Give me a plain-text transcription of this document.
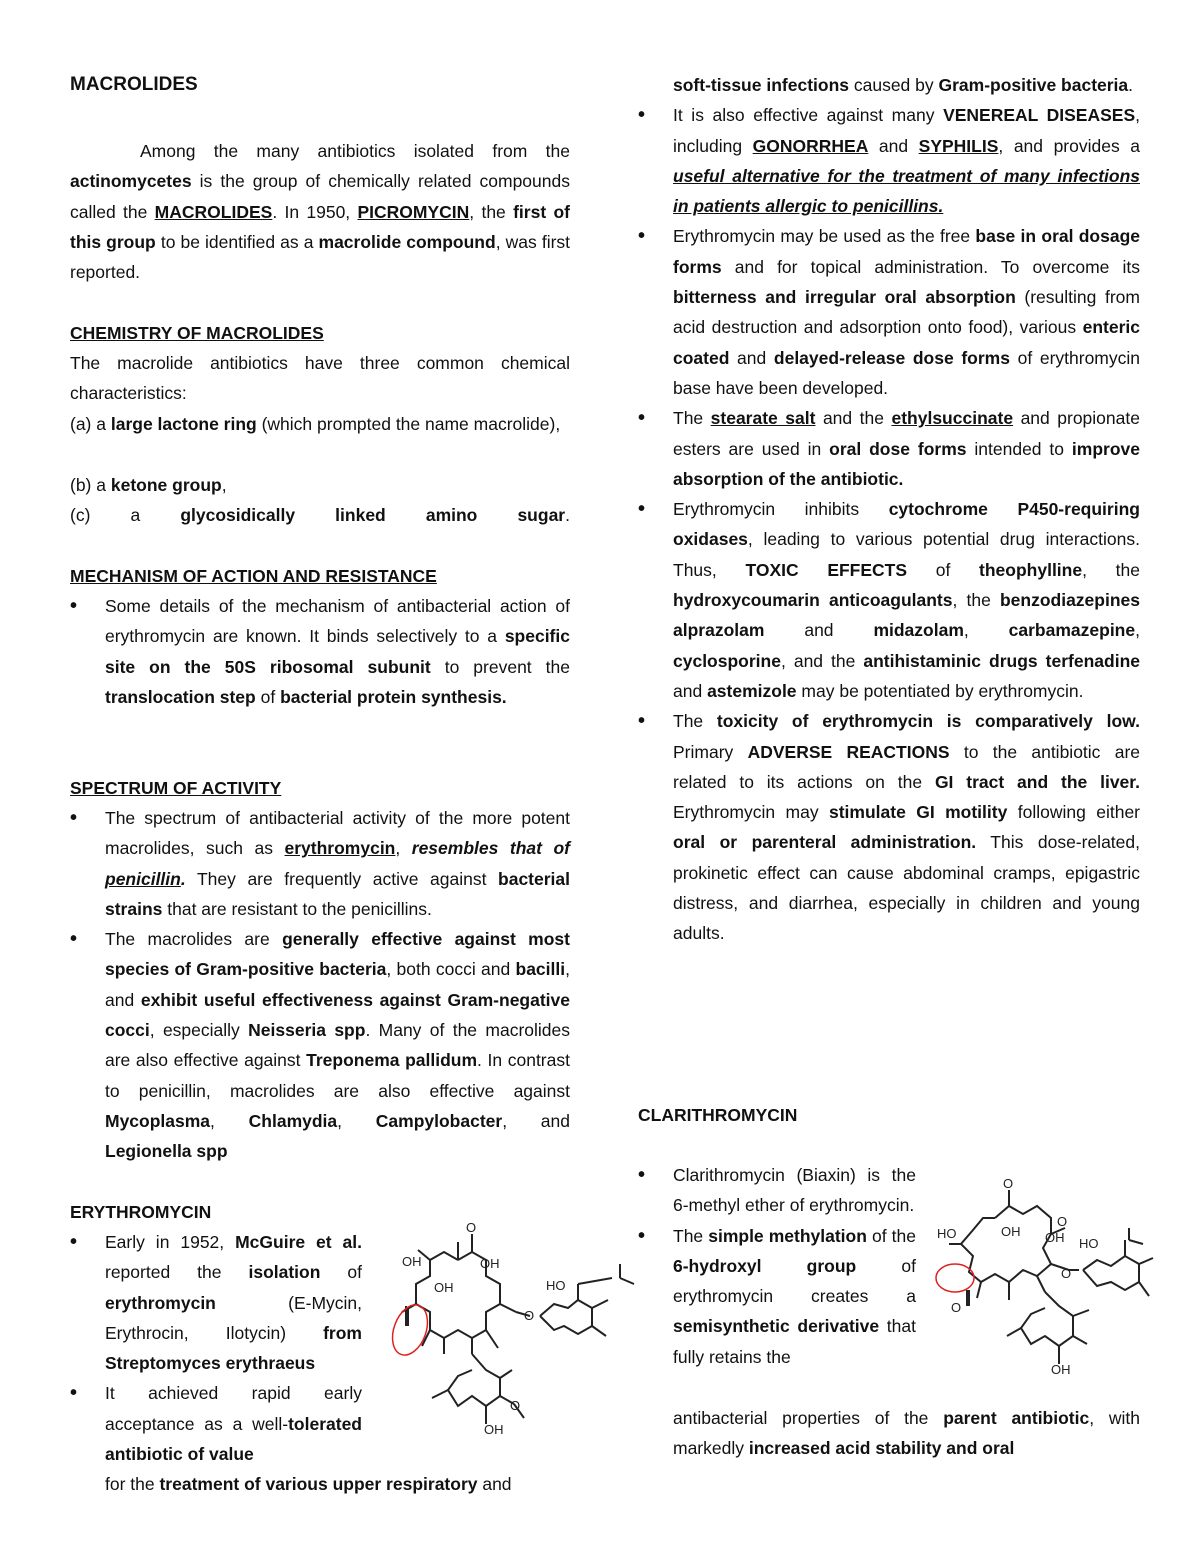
MACROLIDES

Among the many antibiotics isolated from the actinomycetes is the group of chemically related compounds called the MACROLIDES. In 1950, PICROMYCIN, the first of this group to be identified as a macrolide compound, was first reported.

CHEMISTRY OF MACROLIDES

The macrolide antibiotics have three common chemical characteristics:

(a) a large lactone ring (which prompted the name macrolide),

(b) a ketone group,

(c) a glycosidically linked amino sugar.

MECHANISM OF ACTION AND RESISTANCE
• Some details of the mechanism of antibacterial action of erythromycin are known. It binds selectively to a specific site on the 50S ribosomal subunit to prevent the translocation step of bacterial protein synthesis.
SPECTRUM OF ACTIVITY
• The spectrum of antibacterial activity of the more potent macrolides, such as erythromycin, resembles that of penicillin. They are frequently active against bacterial strains that are resistant to the penicillins.
• The macrolides are generally effective against most species of Gram-positive bacteria, both cocci and bacilli, and exhibit useful effectiveness against Gram-negative cocci, especially Neisseria spp. Many of the macrolides are also effective against Treponema pallidum. In contrast to penicillin, macrolides are also effective against Mycoplasma, Chlamydia, Campylobacter, and Legionella spp
ERYTHROMYCIN
• Early in 1952, McGuire et al. reported the isolation of erythromycin (E-Mycin, Erythrocin, Ilotycin) from Streptomyces erythraeus
• It achieved rapid early acceptance as a well-tolerated antibiotic of value

for the treatment of various upper respiratory and

O
OH	OH
OH	HO
O
OH
O
soft-tissue infections caused by Gram-positive bacteria.
• It is also effective against many VENEREAL DISEASES, including GONORRHEA and SYPHILIS, and provides a useful alternative for the treatment of many infections in patients allergic to penicillins.
• Erythromycin may be used as the free base in oral dosage forms and for topical administration. To overcome its bitterness and irregular oral absorption (resulting from acid destruction and adsorption onto food), various enteric coated and delayed-release dose forms of erythromycin base have been developed.
• The stearate salt and the ethylsuccinate and propionate esters are used in oral dose forms intended to improve absorption of the antibiotic.
• Erythromycin inhibits cytochrome P450-requiring oxidases, leading to various potential drug interactions. Thus, TOXIC EFFECTS of theophylline, the hydroxycoumarin anticoagulants, the benzodiazepines alprazolam and midazolam, carbamazepine, cyclosporine, and the antihistaminic drugs terfenadine and astemizole may be potentiated by erythromycin.
• The toxicity of erythromycin is comparatively low. Primary ADVERSE REACTIONS to the antibiotic are related to its actions on the GI tract and the liver. Erythromycin may stimulate GI motility following either oral or parenteral administration. This dose-related, prokinetic effect can cause abdominal cramps, epigastric distress, and diarrhea, especially in children and young adults.
CLARITHROMYCIN
• Clarithromycin (Biaxin) is the 6-methyl ether of erythromycin.
• The simple methylation of the 6-hydroxyl group of erythromycin creates a semisynthetic derivative that fully retains the

antibacterial properties of the parent antibiotic, with markedly increased acid stability and oral

O
HO	OH OH HO
O
O
O
OH
